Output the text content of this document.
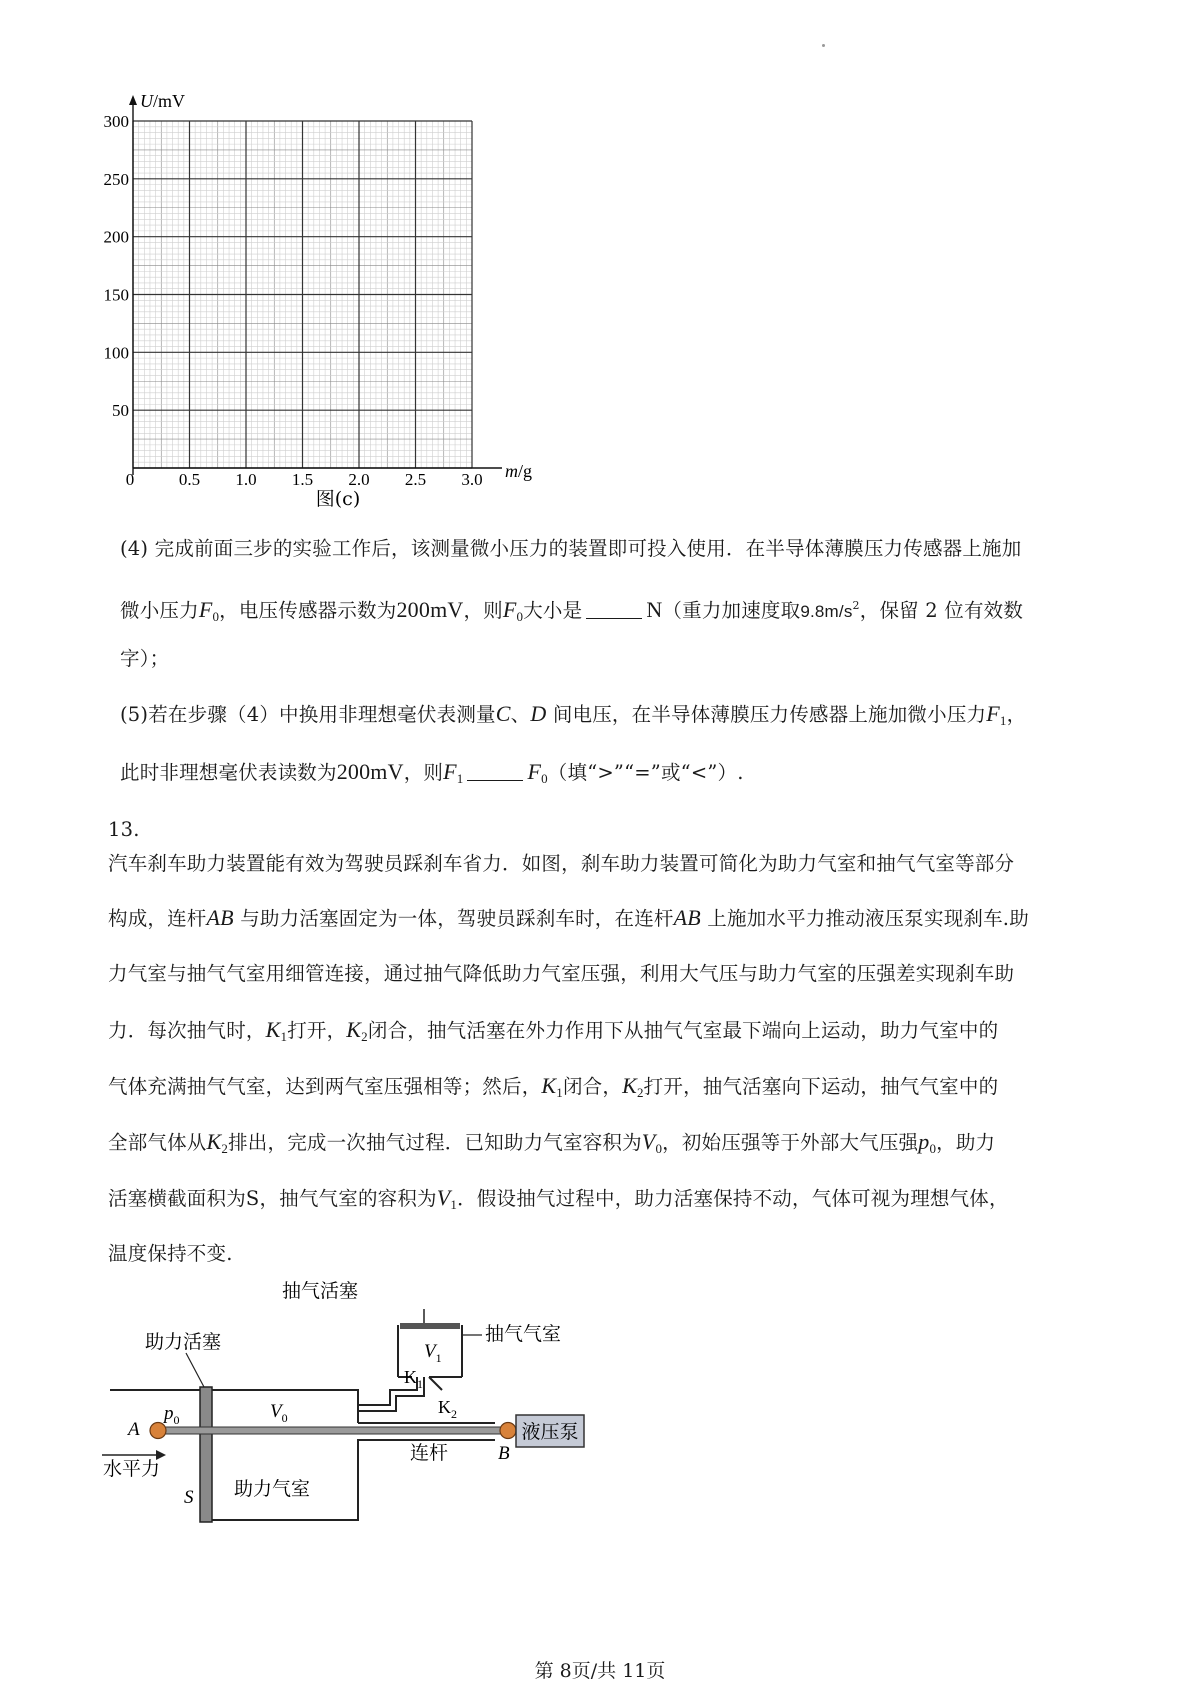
U/mV
m/g
300
250
200
150
100
50
0.5 1.0 1.5 2.0 2.5 3.0
0
图(c)
(4) 完成前面三步的实验工作后，该测量微小压力的装置即可投入使用．在半导体薄膜压力传感器上施加
微小压力$F_0$，电压传感器示数为200mV，则$F_0$大小是	N（重力加速度取$9.8m/s^2$，保留 2 位有效数
字）；
(5)若在步骤（4）中换用非理想毫伏表测量C、D 间电压，在半导体薄膜压力传感器上施加微小压力$F_1$，
此时非理想毫伏表读数为200mV，则$F_1$	$F_0$（填“>”“=”或“<”）.
13.
汽车刹车助力装置能有效为驾驶员踩刹车省力．如图，刹车助力装置可简化为助力气室和抽气气室等部分
构成，连杆AB 与助力活塞固定为一体，驾驶员踩刹车时，在连杆AB 上施加水平力推动液压泵实现刹车.助
力气室与抽气气室用细管连接，通过抽气降低助力气室压强，利用大气压与助力气室的压强差实现刹车助
力．每次抽气时，$K_1$打开，$K_2$闭合，抽气活塞在外力作用下从抽气气室最下端向上运动，助力气室中的
气体充满抽气气室，达到两气室压强相等；然后，$K_1$闭合，$K_2$打开，抽气活塞向下运动，抽气气室中的
全部气体从$K_2$排出，完成一次抽气过程．已知助力气室容积为$V_0$，初始压强等于外部大气压强$p_0$，助力
活塞横截面积为S，抽气气室的容积为$V_1$．假设抽气过程中，助力活塞保持不动，气体可视为理想气体，
温度保持不变.
液压泵
助力活塞
抽气活塞
抽气气室
助力气室
连杆
水平力
A
B
S
$p_0$	$V_0$
$V_1$
$K_1$
$K_2$
第 8页/共 11页
